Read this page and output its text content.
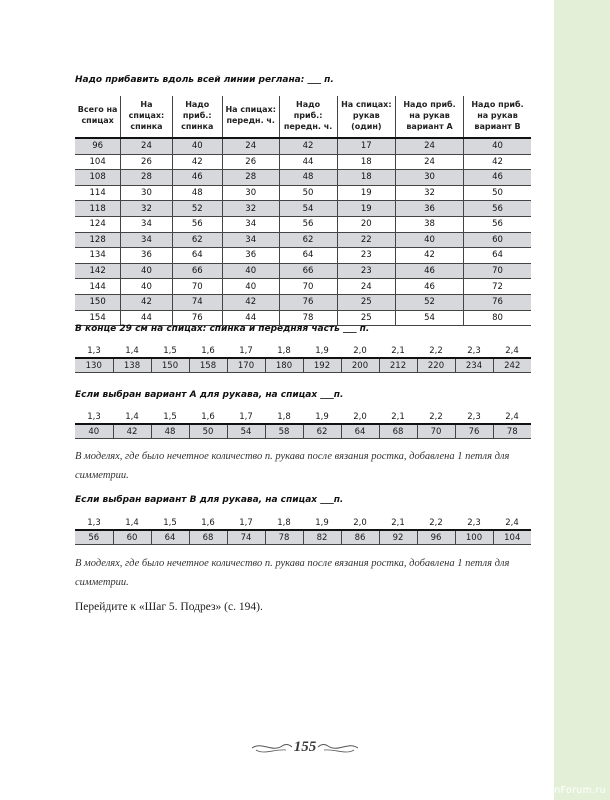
Надо прибавить вдоль всей линии реглана: ___ п.
Всего на спицах	На спицах: спинка	Надо приб.: спинка	На спицах: передн. ч.	Надо приб.: передн. ч.	На спицах: рукав (один)	Надо приб. на рукав вариант А	Надо приб. на рукав вариант В
96	24	40	24	42	17	24	40
104	26	42	26	44	18	24	42
108	28	46	28	48	18	30	46
114	30	48	30	50	19	32	50
118	32	52	32	54	19	36	56
124	34	56	34	56	20	38	56
128	34	62	34	62	22	40	60
134	36	64	36	64	23	42	64
142	40	66	40	66	23	46	70
144	40	70	40	70	24	46	72
150	42	74	42	76	25	52	76
154	44	76	44	78	25	54	80
В конце 29 см на спицах: спинка и передняя часть ___ п.
1,3	1,4	1,5	1,6	1,7	1,8	1,9	2,0	2,1	2,2	2,3	2,4
130	138	150	158	170	180	192	200	212	220	234	242
Если выбран вариант А для рукава, на спицах ___п.
1,3	1,4	1,5	1,6	1,7	1,8	1,9	2,0	2,1	2,2	2,3	2,4
40	42	48	50	54	58	62	64	68	70	76	78
В моделях, где было нечетное количество п. рукава после вязания ростка, добавлена 1 петля для симметрии.
Если выбран вариант В для рукава, на спицах ___п.
1,3	1,4	1,5	1,6	1,7	1,8	1,9	2,0	2,1	2,2	2,3	2,4
56	60	64	68	74	78	82	86	92	96	100	104
В моделях, где было нечетное количество п. рукава после вязания ростка, добавлена 1 петля для симметрии.
Перейдите к «Шаг 5. Подрез» (с. 194).
155
PassionForum.ru
